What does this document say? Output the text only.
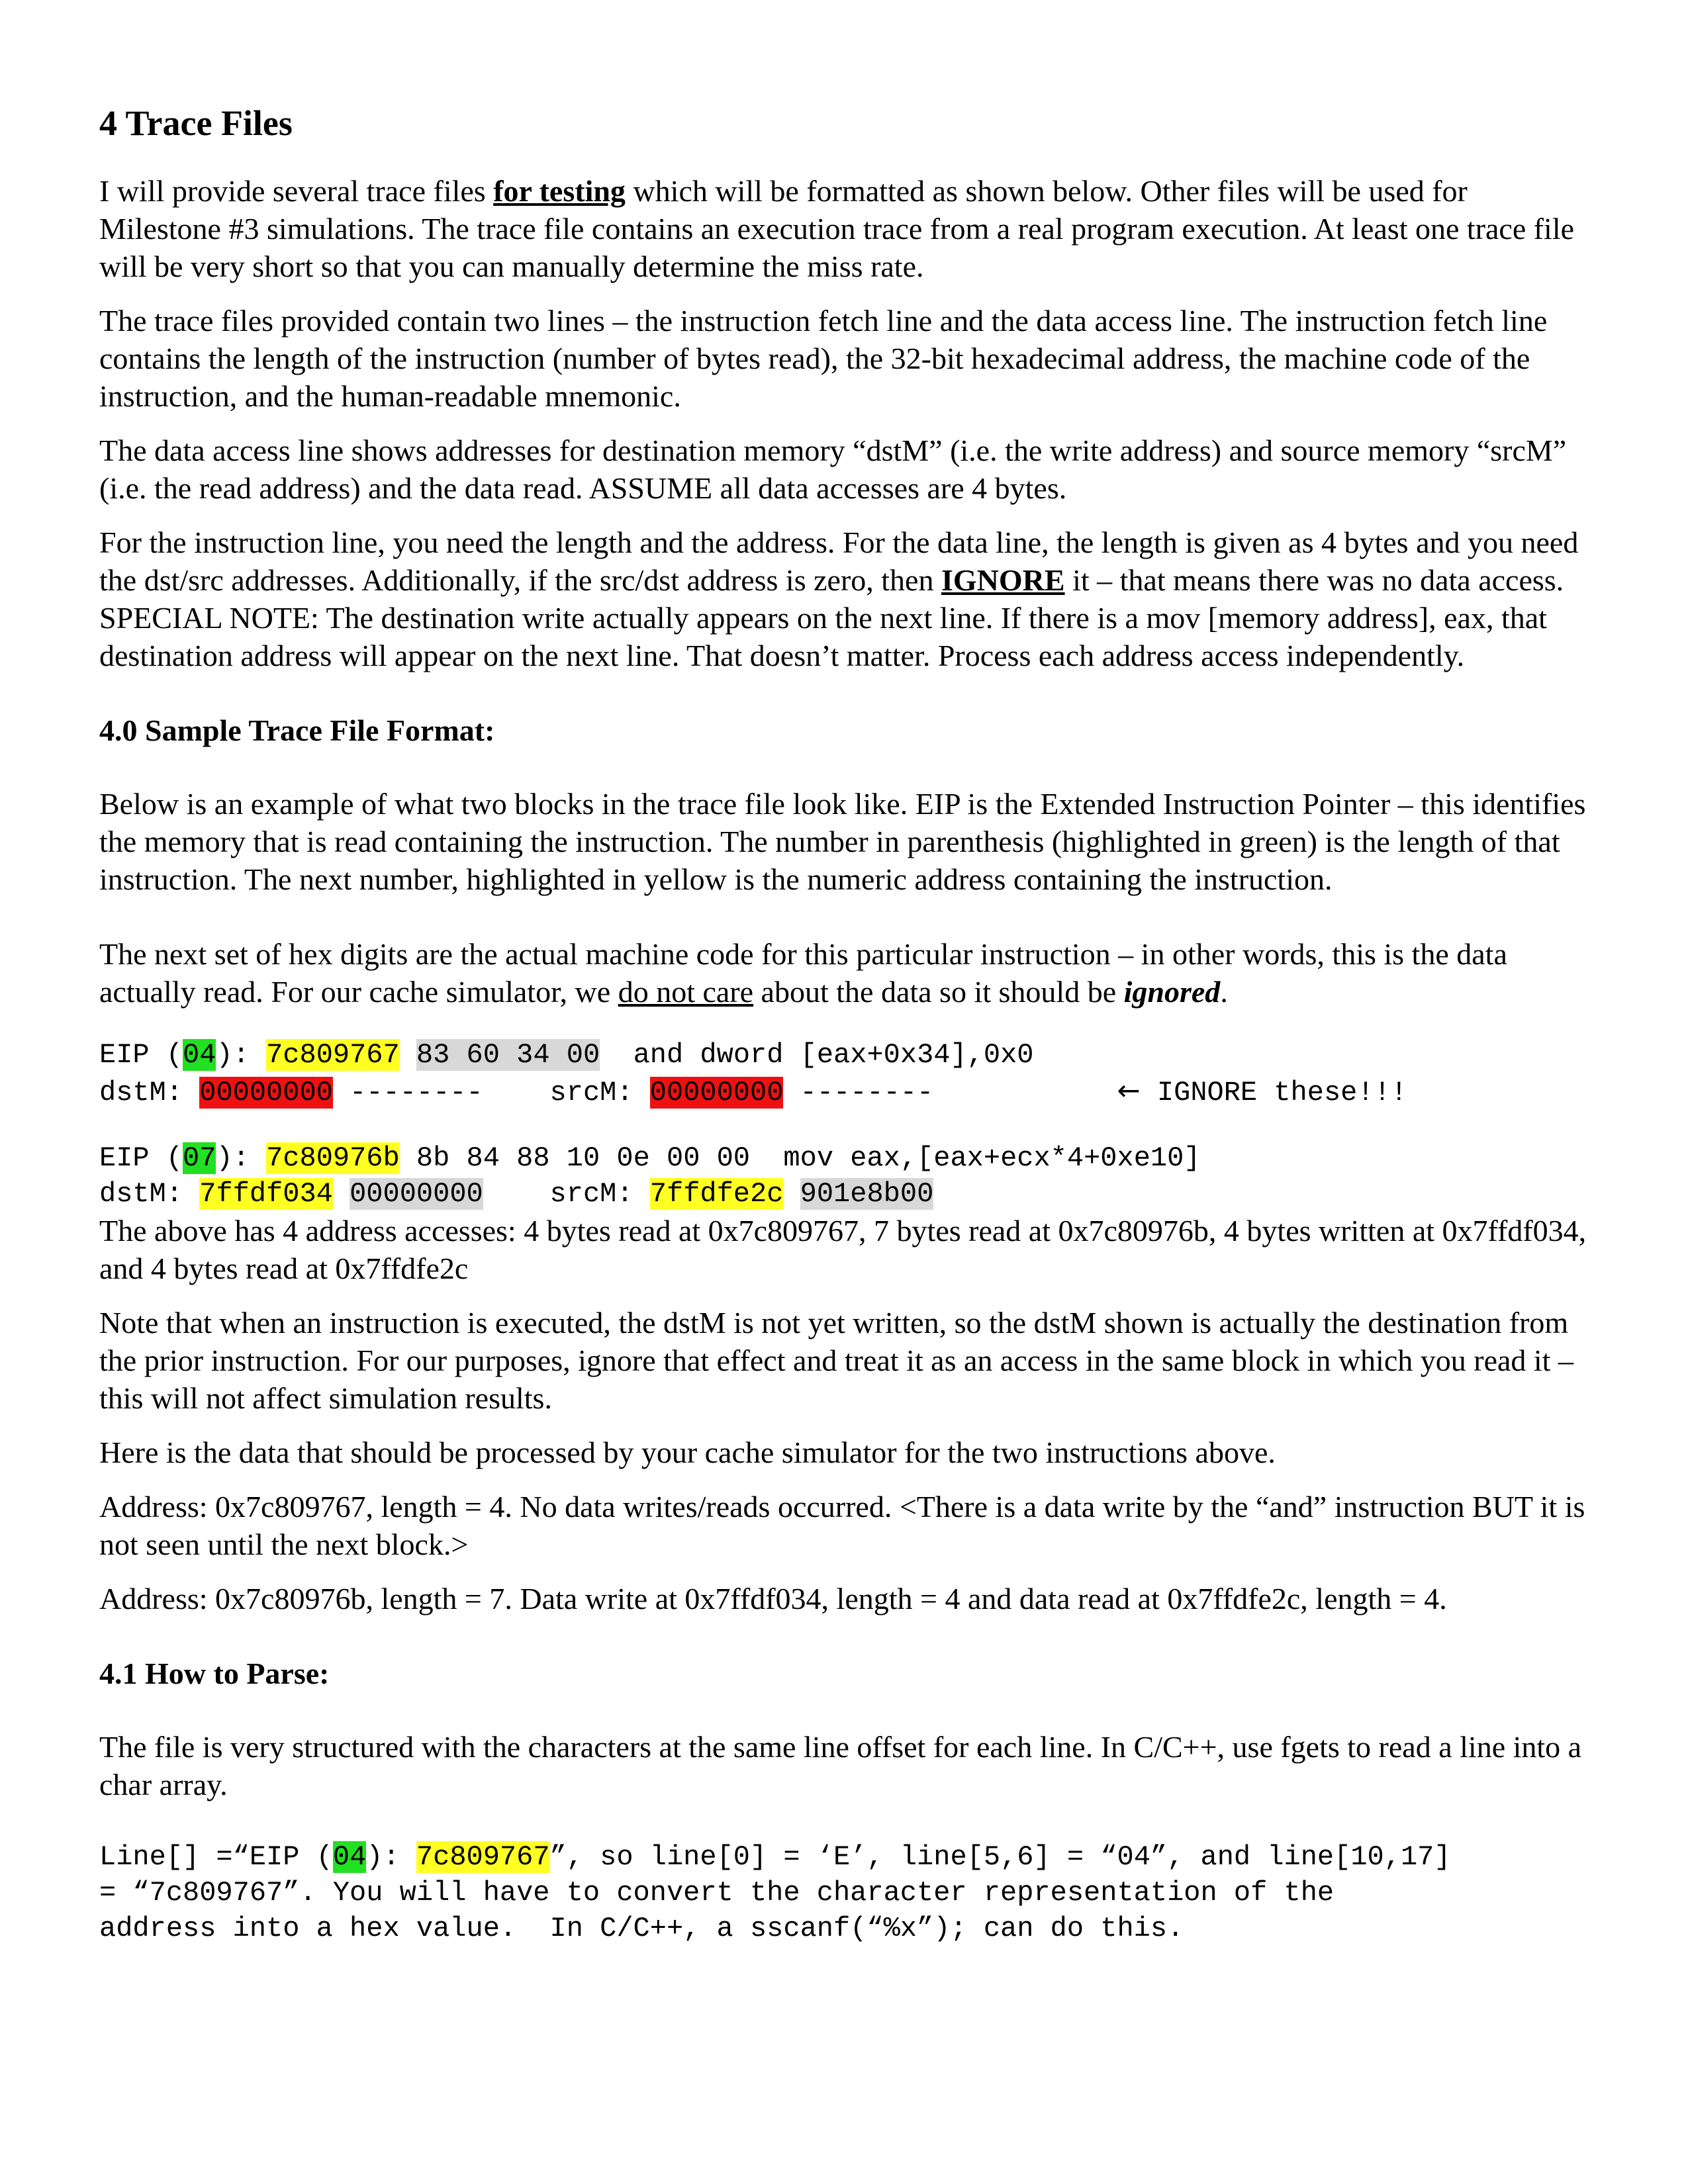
4 Trace Files

I will provide several trace files for testing which will be formatted as shown below. Other files will be used for Milestone #3 simulations. The trace file contains an execution trace from a real program execution. At least one trace file will be very short so that you can manually determine the miss rate.

The trace files provided contain two lines – the instruction fetch line and the data access line. The instruction fetch line contains the length of the instruction (number of bytes read), the 32-bit hexadecimal address, the machine code of the instruction, and the human-readable mnemonic.

The data access line shows addresses for destination memory “dstM” (i.e. the write address) and source memory “srcM” (i.e. the read address) and the data read. ASSUME all data accesses are 4 bytes.

For the instruction line, you need the length and the address. For the data line, the length is given as 4 bytes and you need the dst/src addresses. Additionally, if the src/dst address is zero, then IGNORE it – that means there was no data access. SPECIAL NOTE: The destination write actually appears on the next line. If there is a mov [memory address], eax, that destination address will appear on the next line. That doesn’t matter. Process each address access independently.

4.0 Sample Trace File Format:

Below is an example of what two blocks in the trace file look like. EIP is the Extended Instruction Pointer – this identifies the memory that is read containing the instruction. The number in parenthesis (highlighted in green) is the length of that instruction. The next number, highlighted in yellow is the numeric address containing the instruction.

The next set of hex digits are the actual machine code for this particular instruction – in other words, this is the data actually read. For our cache simulator, we do not care about the data so it should be ignored.

EIP (04): 7c809767 83 60 34 00  and dword [eax+0x34],0x0
dstM: 00000000 --------    srcM: 00000000 --------           ← IGNORE these!!!
EIP (07): 7c80976b 8b 84 88 10 0e 00 00  mov eax,[eax+ecx*4+0xe10]
dstM: 7ffdf034 00000000    srcM: 7ffdfe2c 901e8b00

The above has 4 address accesses: 4 bytes read at 0x7c809767, 7 bytes read at 0x7c80976b, 4 bytes written at 0x7ffdf034, and 4 bytes read at 0x7ffdfe2c

Note that when an instruction is executed, the dstM is not yet written, so the dstM shown is actually the destination from the prior instruction. For our purposes, ignore that effect and treat it as an access in the same block in which you read it – this will not affect simulation results.

Here is the data that should be processed by your cache simulator for the two instructions above.

Address: 0x7c809767, length = 4. No data writes/reads occurred. <There is a data write by the “and” instruction BUT it is not seen until the next block.>

Address: 0x7c80976b, length = 7. Data write at 0x7ffdf034, length = 4 and data read at 0x7ffdfe2c, length = 4.

4.1 How to Parse:

The file is very structured with the characters at the same line offset for each line. In C/C++, use fgets to read a line into a char array.

Line[] =“EIP (04): 7c809767”, so line[0] = ‘E’, line[5,6] = “04”, and line[10,17]
= “7c809767”. You will have to convert the character representation of the
address into a hex value.  In C/C++, a sscanf(“%x”); can do this.
